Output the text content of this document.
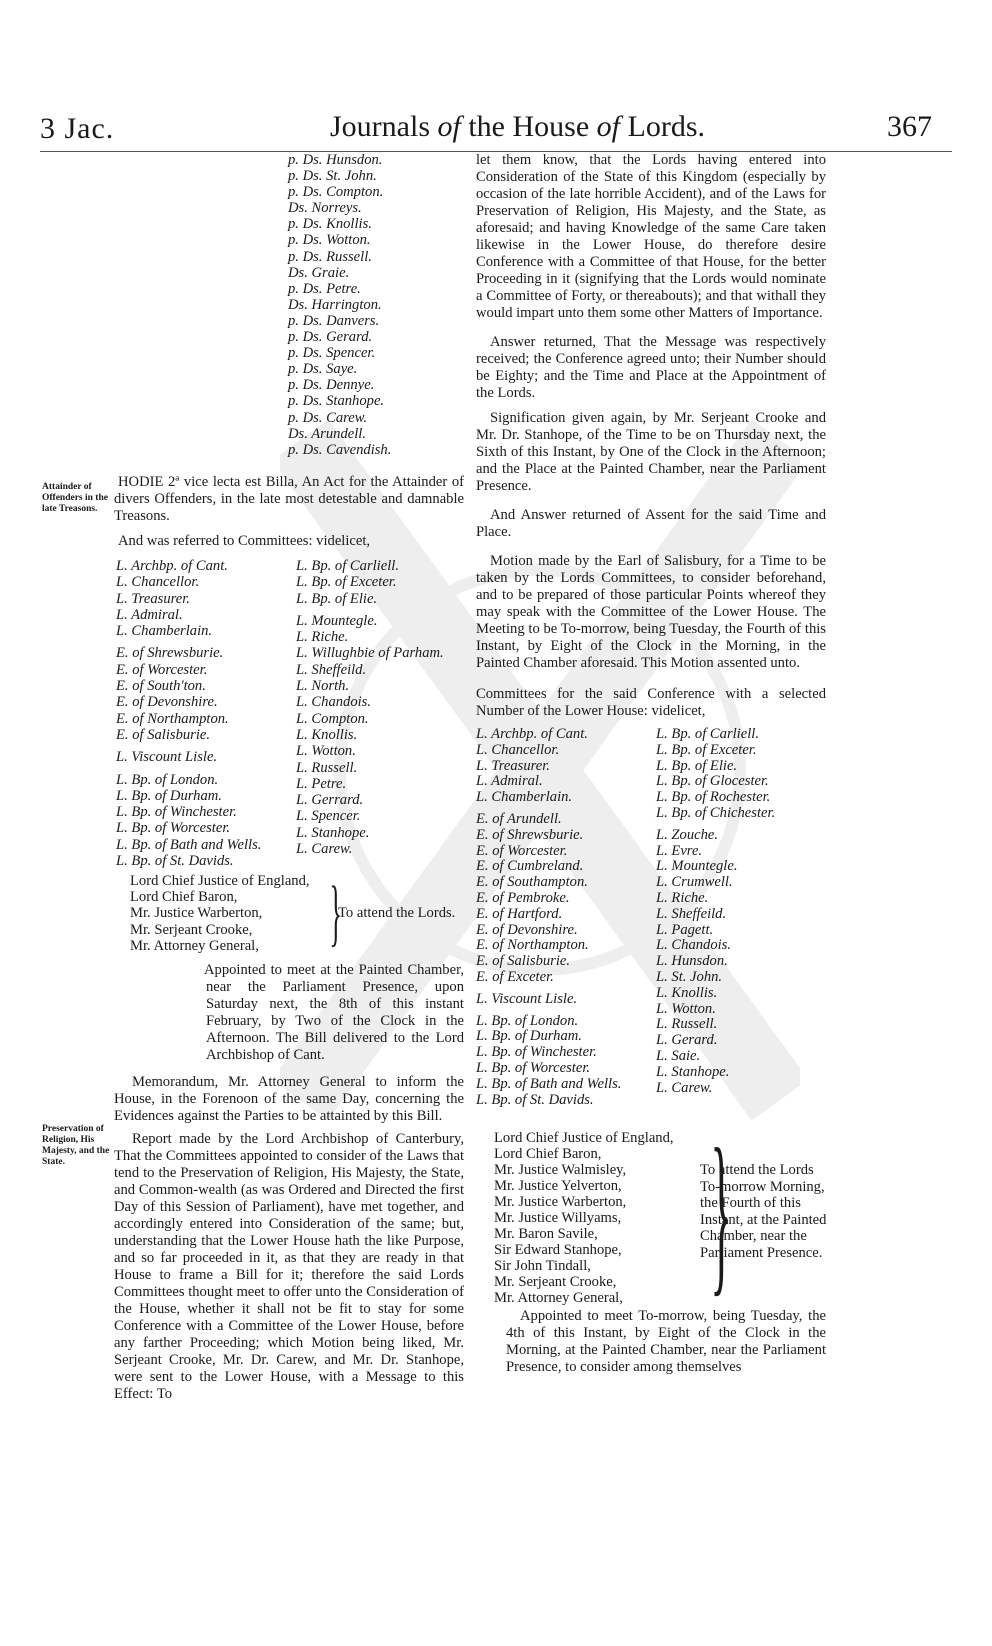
3 Jac.	Journals of the House of Lords.	367
p. Ds. Hunsdon.
p. Ds. St. John.
p. Ds. Compton.
Ds. Norreys.
p. Ds. Knollis.
p. Ds. Wotton.
p. Ds. Russell.
Ds. Graie.
p. Ds. Petre.
Ds. Harrington.
p. Ds. Danvers.
p. Ds. Gerard.
p. Ds. Spencer.
p. Ds. Saye.
p. Ds. Dennye.
p. Ds. Stanhope.
p. Ds. Carew.
Ds. Arundell.
p. Ds. Cavendish.
Attainder of Offenders in the late Treasons.
Preservation of Religion, His Majesty, and the State.

HODIE 2ª vice lecta est Billa, An Act for the Attainder of divers Offenders, in the late most detestable and damnable Treasons.

And was referred to Committees: videlicet,

L. Archbp. of Cant.
L. Chancellor.
L. Treasurer.
L. Admiral.
L. Chamberlain.
E. of Shrewsburie.
E. of Worcester.
E. of South'ton.
E. of Devonshire.
E. of Northampton.
E. of Salisburie.
L. Viscount Lisle.
L. Bp. of London.
L. Bp. of Durham.
L. Bp. of Winchester.
L. Bp. of Worcester.
L. Bp. of Bath and Wells.
L. Bp. of St. Davids.
L. Bp. of Carliell.
L. Bp. of Exceter.
L. Bp. of Elie.
L. Mountegle.
L. Riche.
L. Willughbie of Parham.
L. Sheffeild.
L. North.
L. Chandois.
L. Compton.
L. Knollis.
L. Wotton.
L. Russell.
L. Petre.
L. Gerrard.
L. Spencer.
L. Stanhope.
L. Carew.
Lord Chief Justice of England,
Lord Chief Baron,
Mr. Justice Warberton,
Mr. Serjeant Crooke,
Mr. Attorney General, }
To attend the Lords.

Appointed to meet at the Painted Chamber, near the Parliament Presence, upon Saturday next, the 8th of this instant February, by Two of the Clock in the Afternoon. The Bill delivered to the Lord Archbishop of Cant.

Memorandum, Mr. Attorney General to inform the House, in the Forenoon of the same Day, concerning the Evidences against the Parties to be attainted by this Bill.

Report made by the Lord Archbishop of Canterbury, That the Committees appointed to consider of the Laws that tend to the Preservation of Religion, His Majesty, the State, and Common-wealth (as was Ordered and Directed the first Day of this Session of Parliament), have met together, and accordingly entered into Consideration of the same; but, understanding that the Lower House hath the like Purpose, and so far proceeded in it, as that they are ready in that House to frame a Bill for it; therefore the said Lords Committees thought meet to offer unto the Consideration of the House, whether it shall not be fit to stay for some Conference with a Committee of the Lower House, before any farther Proceeding; which Motion being liked, Mr. Serjeant Crooke, Mr. Dr. Carew, and Mr. Dr. Stanhope, were sent to the Lower House, with a Message to this Effect: To

let them know, that the Lords having entered into Consideration of the State of this Kingdom (especially by occasion of the late horrible Accident), and of the Laws for Preservation of Religion, His Majesty, and the State, as aforesaid; and having Knowledge of the same Care taken likewise in the Lower House, do therefore desire Conference with a Committee of that House, for the better Proceeding in it (signifying that the Lords would nominate a Committee of Forty, or thereabouts); and that withall they would impart unto them some other Matters of Importance.

Answer returned, That the Message was respectively received; the Conference agreed unto; their Number should be Eighty; and the Time and Place at the Appointment of the Lords.

Signification given again, by Mr. Serjeant Crooke and Mr. Dr. Stanhope, of the Time to be on Thursday next, the Sixth of this Instant, by One of the Clock in the Afternoon; and the Place at the Painted Chamber, near the Parliament Presence.

And Answer returned of Assent for the said Time and Place.

Motion made by the Earl of Salisbury, for a Time to be taken by the Lords Committees, to consider beforehand, and to be prepared of those particular Points whereof they may speak with the Committee of the Lower House. The Meeting to be To-morrow, being Tuesday, the Fourth of this Instant, by Eight of the Clock in the Morning, in the Painted Chamber aforesaid. This Motion assented unto.

Committees for the said Conference with a selected Number of the Lower House: videlicet,

L. Archbp. of Cant.
L. Chancellor.
L. Treasurer.
L. Admiral.
L. Chamberlain.
E. of Arundell.
E. of Shrewsburie.
E. of Worcester.
E. of Cumbreland.
E. of Southampton.
E. of Pembroke.
E. of Hartford.
E. of Devonshire.
E. of Northampton.
E. of Salisburie.
E. of Exceter.
L. Viscount Lisle.
L. Bp. of London.
L. Bp. of Durham.
L. Bp. of Winchester.
L. Bp. of Worcester.
L. Bp. of Bath and Wells.
L. Bp. of St. Davids.
L. Bp. of Carliell.
L. Bp. of Exceter.
L. Bp. of Elie.
L. Bp. of Glocester.
L. Bp. of Rochester.
L. Bp. of Chichester.
L. Zouche.
L. Evre.
L. Mountegle.
L. Crumwell.
L. Riche.
L. Sheffeild.
L. Pagett.
L. Chandois.
L. Hunsdon.
L. St. John.
L. Knollis.
L. Wotton.
L. Russell.
L. Gerard.
L. Saie.
L. Stanhope.
L. Carew.
Lord Chief Justice of England,
Lord Chief Baron,
Mr. Justice Walmisley,
Mr. Justice Yelverton,
Mr. Justice Warberton,
Mr. Justice Willyams,
Mr. Baron Savile,
Sir Edward Stanhope,
Sir John Tindall,
Mr. Serjeant Crooke,
Mr. Attorney General, }
To attend the Lords To-morrow Morning, the Fourth of this Instant, at the Painted Chamber, near the Parliament Presence.

Appointed to meet To-morrow, being Tuesday, the 4th of this Instant, by Eight of the Clock in the Morning, at the Painted Chamber, near the Parliament Presence, to consider among themselves
